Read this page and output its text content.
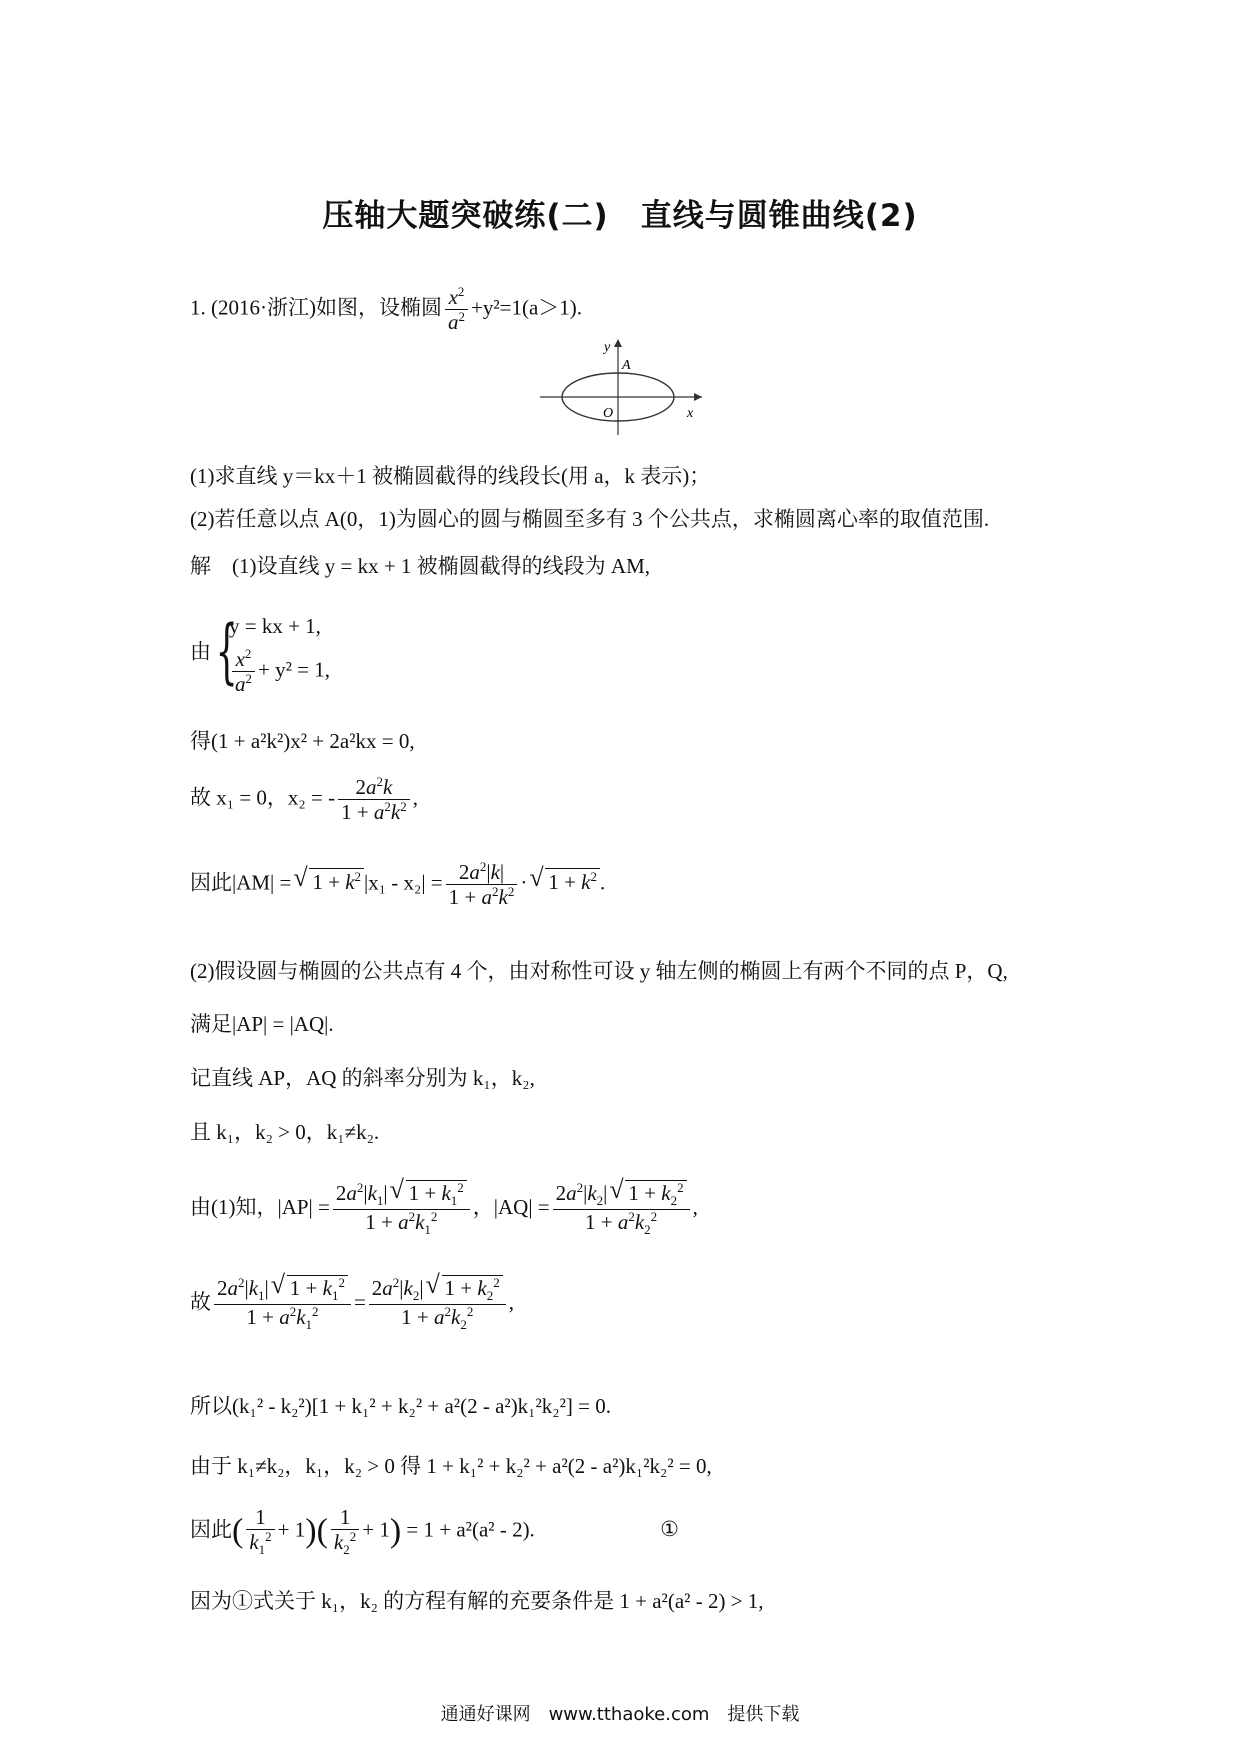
压轴大题突破练(二)　直线与圆锥曲线(2)
1. (2016·浙江)如图，设椭圆 $\frac{x^2}{a^2} +y^2=1(a>1)$.
y
A
O	x
(1)求直线 y＝kx＋1 被椭圆截得的线段长(用 a，k 表示)；
(2)若任意以点 A(0，1)为圆心的圆与椭圆至多有 3 个公共点，求椭圆离心率的取值范围.
解　(1)设直线 y = kx + 1 被椭圆截得的线段为 AM,
由{
y = kx + 1,
$\frac{x^2}{a^2} + y^2 = 1$,
得(1 + a²k²)x² + 2a²kx = 0,
故 x₁ = 0，x₂ = - $\frac{2a^2k}{1 + a^2k^2}$ ,
因此|AM| = √ $1 + k^2$ $|x_1 - x_2| = \frac{2a^2|k|}{1 + a^2k^2}$ · √ $1 + k^2$ .
(2)假设圆与椭圆的公共点有 4 个，由对称性可设 y 轴左侧的椭圆上有两个不同的点 P，Q,
满足|AP| = |AQ|.
记直线 AP，AQ 的斜率分别为 k₁，k₂,
且 k₁，k₂ > 0，k₁≠k₂.
由(1)知，$|AP| = \frac{2a^2|k_1| √ 1 + k_1^2}{1 + a^2k_1^2}$ ，$|AQ| = \frac{2a^2|k_2| √ 1 + k_2^2}{1 + a^2k_2^2}$ ,
故 $\frac{2a^2|k_1| √ 1 + k_1^2}{1 + a^2k_1^2} = \frac{2a^2|k_2| √ 1 + k_2^2}{1 + a^2k_2^2}$ ,
所以(k₁² - k₂²)[1 + k₁² + k₂² + a²(2 - a²)k₁²k₂²] = 0.
由于 k₁≠k₂，k₁，k₂ > 0 得 1 + k₁² + k₂² + a²(2 - a²)k₁²k₂² = 0,
因此( $\frac{1}{k_1^2} + 1)( \frac{1}{k_2^2} + 1) = 1 + a^2(a^2 - 2)$.	①
因为①式关于 k₁，k₂ 的方程有解的充要条件是 1 + a²(a² - 2) > 1,
通通好课网　www.tthaoke.com　提供下载
